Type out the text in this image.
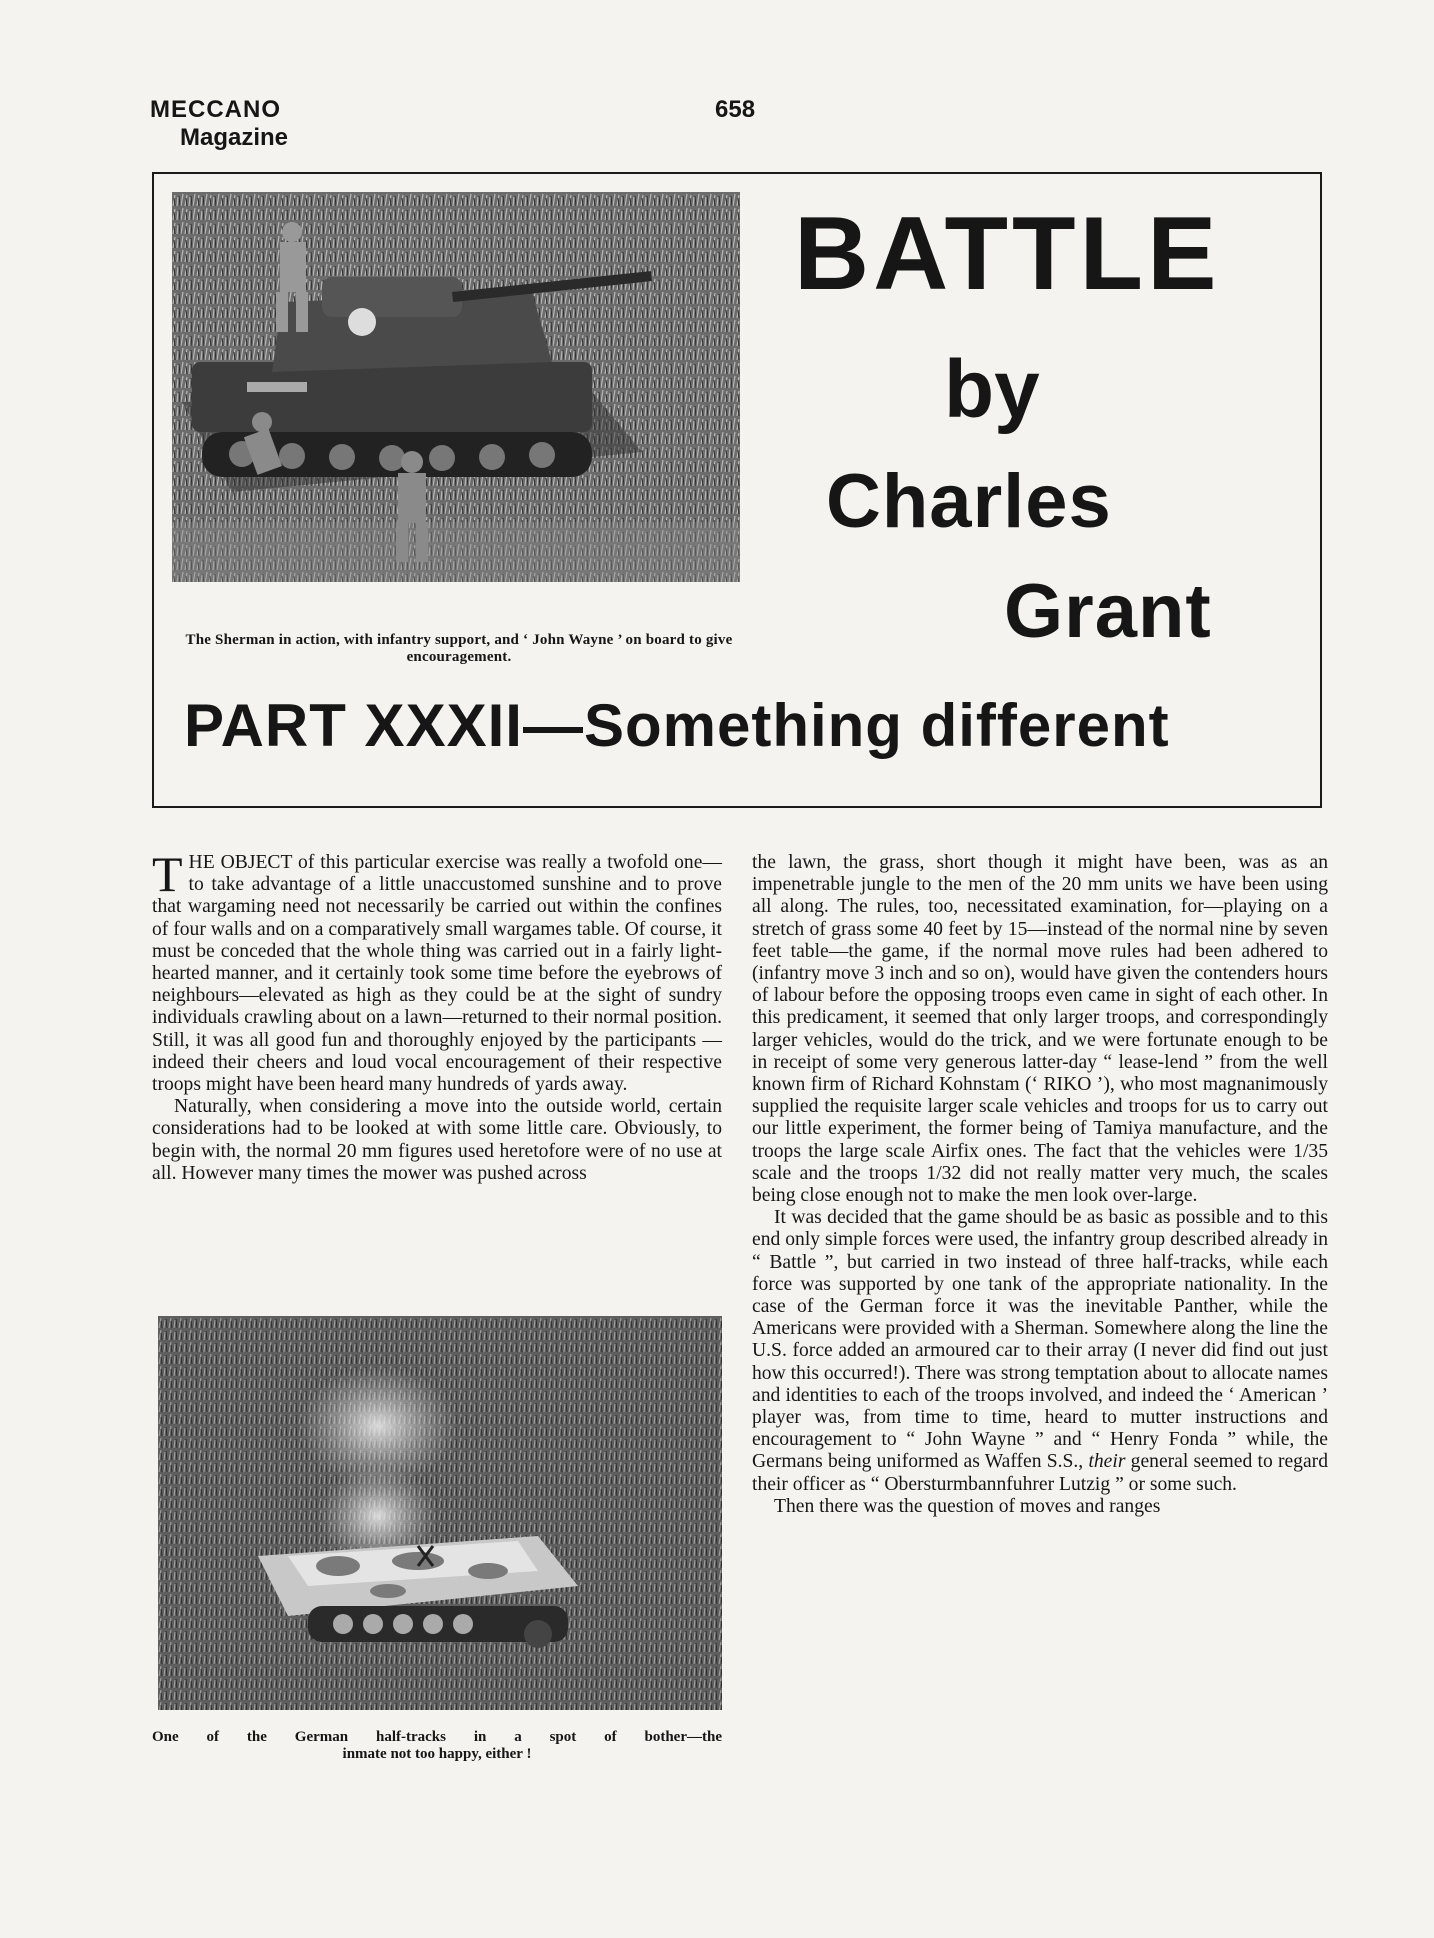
MECCANO
Magazine
658
The Sherman in action, with infantry support, and ‘ John Wayne ’ on board to give encouragement.
BATTLE
by
Charles
Grant
PART XXXII—Something different

THE OBJECT of this particular exercise was really a twofold one—to take advantage of a little unaccustomed sunshine and to prove that wargaming need not necessarily be carried out within the confines of four walls and on a comparatively small wargames table. Of course, it must be conceded that the whole thing was carried out in a fairly light-hearted manner, and it certainly took some time before the eyebrows of neighbours—elevated as high as they could be at the sight of sundry individuals crawling about on a lawn—returned to their normal position. Still, it was all good fun and thoroughly enjoyed by the participants —indeed their cheers and loud vocal encouragement of their respective troops might have been heard many hundreds of yards away.

Naturally, when considering a move into the outside world, certain considerations had to be looked at with some little care. Obviously, to begin with, the normal 20 mm figures used heretofore were of no use at all. However many times the mower was pushed across

One of the German half-tracks in a spot of bother—the
inmate not too happy, either !

the lawn, the grass, short though it might have been, was as an impenetrable jungle to the men of the 20 mm units we have been using all along. The rules, too, necessitated examination, for—playing on a stretch of grass some 40 feet by 15—instead of the normal nine by seven feet table—the game, if the normal move rules had been adhered to (infantry move 3 inch and so on), would have given the contenders hours of labour before the opposing troops even came in sight of each other. In this predicament, it seemed that only larger troops, and correspondingly larger vehicles, would do the trick, and we were fortunate enough to be in receipt of some very generous latter-day “ lease-lend ” from the well known firm of Richard Kohnstam (‘ RIKO ’), who most magnanimously supplied the requisite larger scale vehicles and troops for us to carry out our little experiment, the former being of Tamiya manufacture, and the troops the large scale Airfix ones. The fact that the vehicles were 1/35 scale and the troops 1/32 did not really matter very much, the scales being close enough not to make the men look over-large.

It was decided that the game should be as basic as possible and to this end only simple forces were used, the infantry group described already in “ Battle ”, but carried in two instead of three half-tracks, while each force was supported by one tank of the appropriate nationality. In the case of the German force it was the inevitable Panther, while the Americans were provided with a Sherman. Somewhere along the line the U.S. force added an armoured car to their array (I never did find out just how this occurred!). There was strong temptation about to allocate names and identities to each of the troops involved, and indeed the ‘ American ’ player was, from time to time, heard to mutter instructions and encouragement to “ John Wayne ” and “ Henry Fonda ” while, the Germans being uniformed as Waffen S.S., their general seemed to regard their officer as “ Obersturmbannfuhrer Lutzig ” or some such.

Then there was the question of moves and ranges
